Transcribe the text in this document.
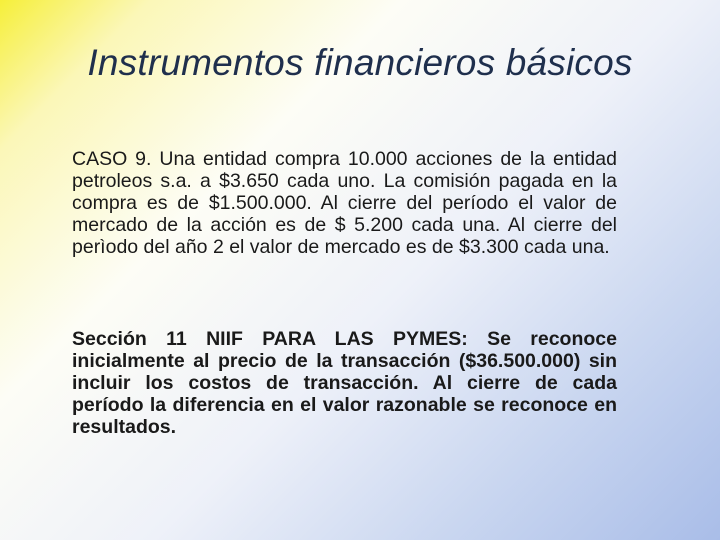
Instrumentos financieros básicos
CASO 9. Una entidad compra 10.000 acciones de la entidad petroleos s.a. a $3.650 cada uno. La comisión pagada en la compra es de $1.500.000. Al cierre del período el valor de mercado de la acción es de $ 5.200 cada una. Al cierre del perìodo del año 2 el valor de mercado es de $3.300 cada una.
Sección 11 NIIF PARA LAS PYMES: Se reconoce inicialmente al precio de la transacción ($36.500.000) sin incluir los costos de transacción. Al cierre de cada período la diferencia en el valor razonable se reconoce en resultados.
